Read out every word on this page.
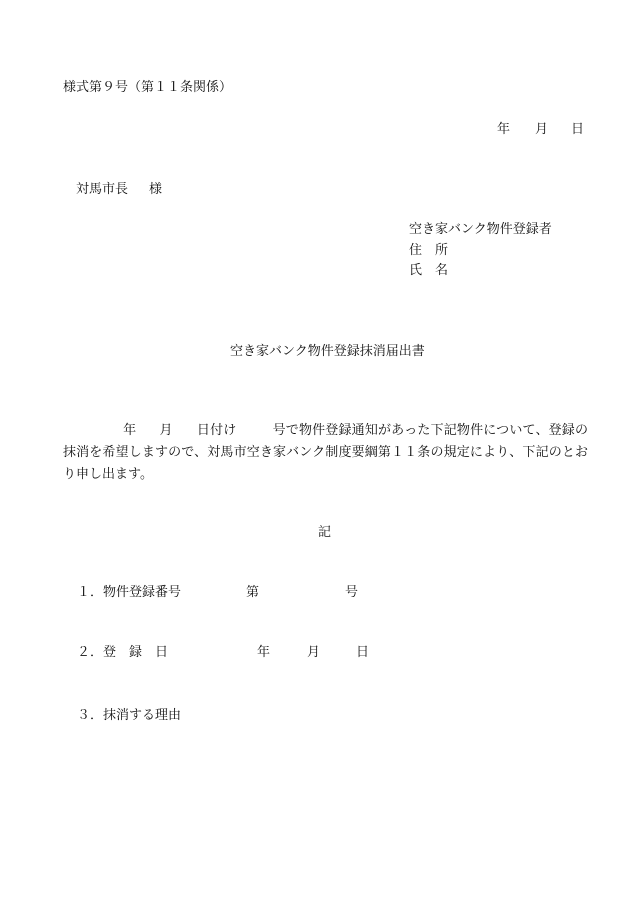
様式第９号（第１１条関係）
年 月 日
対馬市長 様
空き家バンク物件登録者
住　所
氏　名
空き家バンク物件登録抹消届出書
年 月 日付け	号で物件登録通知があった下記物件について、登録の抹消を希望しますので、対馬市空き家バンク制度要綱第１１条の規定により、下記のとおり申し出ます。
記
１．物件登録番号	第	号
２．登　録　日	年	月	日
３．抹消する理由
